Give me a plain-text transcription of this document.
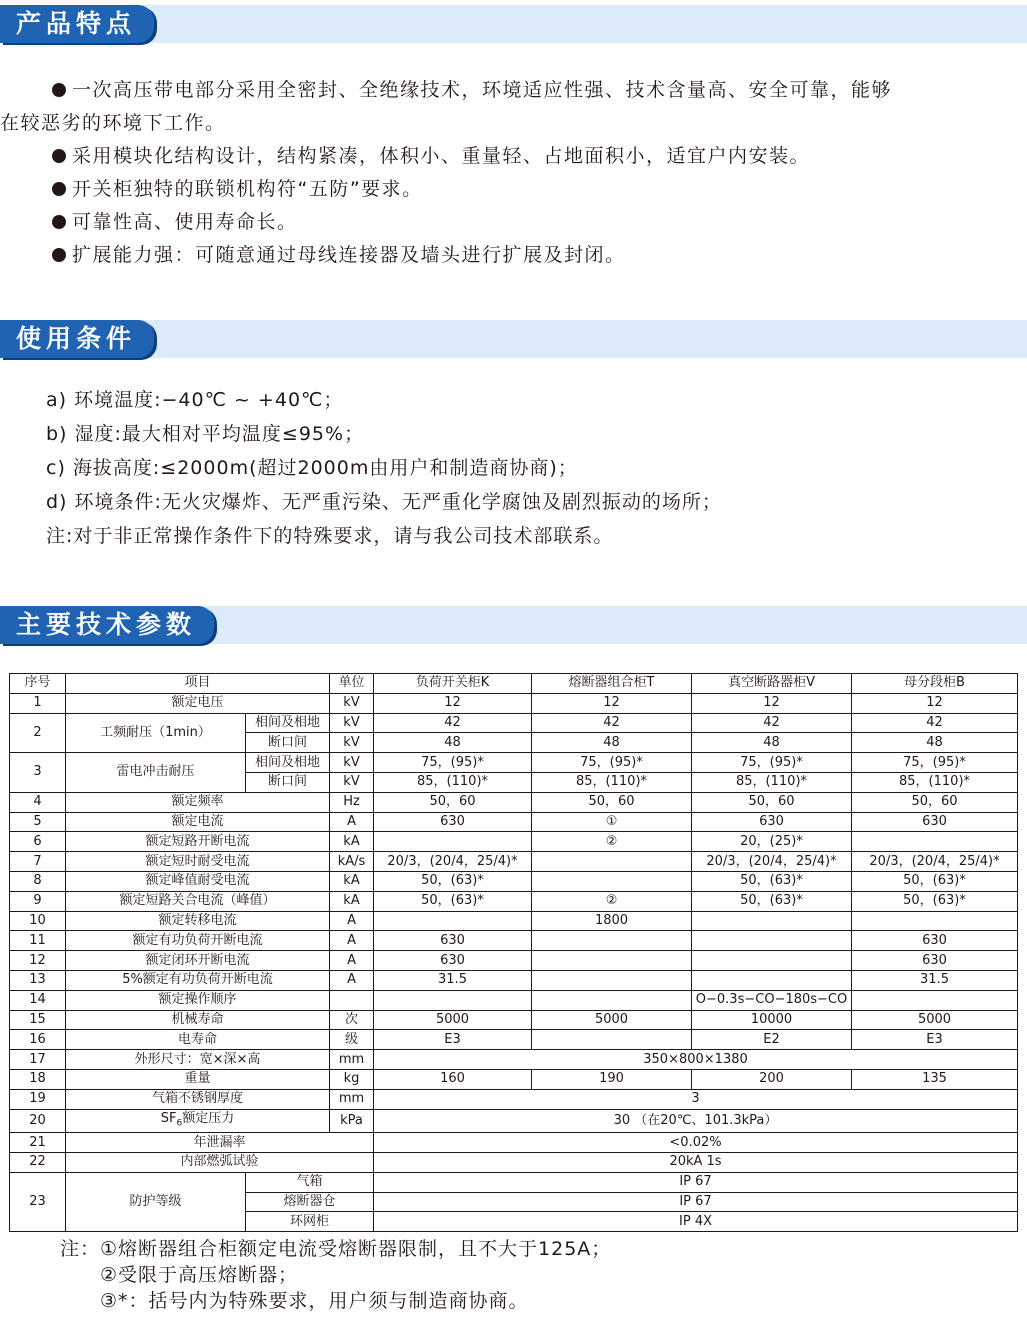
产品特点
一次高压带电部分采用全密封、全绝缘技术，环境适应性强、技术含量高、安全可靠，能够
在较恶劣的环境下工作。
采用模块化结构设计，结构紧凑，体积小、重量轻、占地面积小，适宜户内安装。
开关柜独特的联锁机构符“五防”要求。
可靠性高、使用寿命长。
扩展能力强：可随意通过母线连接器及墙头进行扩展及封闭。
使用条件
a) 环境温度:−40℃ ~ +40℃；
b) 湿度:最大相对平均温度≤95%；
c) 海拔高度:≤2000m(超过2000m由用户和制造商协商)；
d) 环境条件:无火灾爆炸、无严重污染、无严重化学腐蚀及剧烈振动的场所；
注:对于非正常操作条件下的特殊要求，请与我公司技术部联系。
主要技术参数
序号	项目		单位	负荷开关柜K	熔断器组合柜T	真空断路器柜V	母分段柜B
1	额定电压		kV	12	12	12	12
2	工频耐压（1min）	相间及相地	kV	42	42	42	42
		断口间	kV	48	48	48	48
3	雷电冲击耐压	相间及相地	kV	75，(95)*	75，(95)*	75，(95)*	75，(95)*
		断口间	kV	85，(110)*	85，(110)*	85，(110)*	85，(110)*
4	额定频率		Hz	50，60	50，60	50，60	50，60
5	额定电流		A	630	①	630	630
6	额定短路开断电流		kA		②	20，(25)*	
7	额定短时耐受电流		kA/s	20/3，(20/4，25/4)*		20/3，(20/4，25/4)*	20/3，(20/4，25/4)*
8	额定峰值耐受电流		kA	50，(63)*		50，(63)*	50，(63)*
9	额定短路关合电流（峰值）		kA	50，(63)*	②	50，(63)*	50，(63)*
10	额定转移电流		A		1800		
11	额定有功负荷开断电流		A	630			630
12	额定闭环开断电流		A	630			630
13	5%额定有功负荷开断电流		A	31.5			31.5
14	额定操作顺序					O−0.3s−CO−180s−CO	
15	机械寿命		次	5000	5000	10000	5000
16	电寿命		级	E3		E2	E3
17	外形尺寸：宽×深×高		mm	350×800×1380			
18	重量		kg	160	190	200	135
19	气箱不锈钢厚度		mm	3			
20	$SF_6$额定压力		kPa	30 （在20℃、101.3kPa）			
21	年泄漏率			<0.02%			
22	内部燃弧试验			20kA 1s			
23	防护等级	气箱		IP 67			
		熔断器仓		IP 67			
		环网柜		IP 4X			
注：①熔断器组合柜额定电流受熔断器限制，且不大于125A；
②受限于高压熔断器；
③*：括号内为特殊要求，用户须与制造商协商。
